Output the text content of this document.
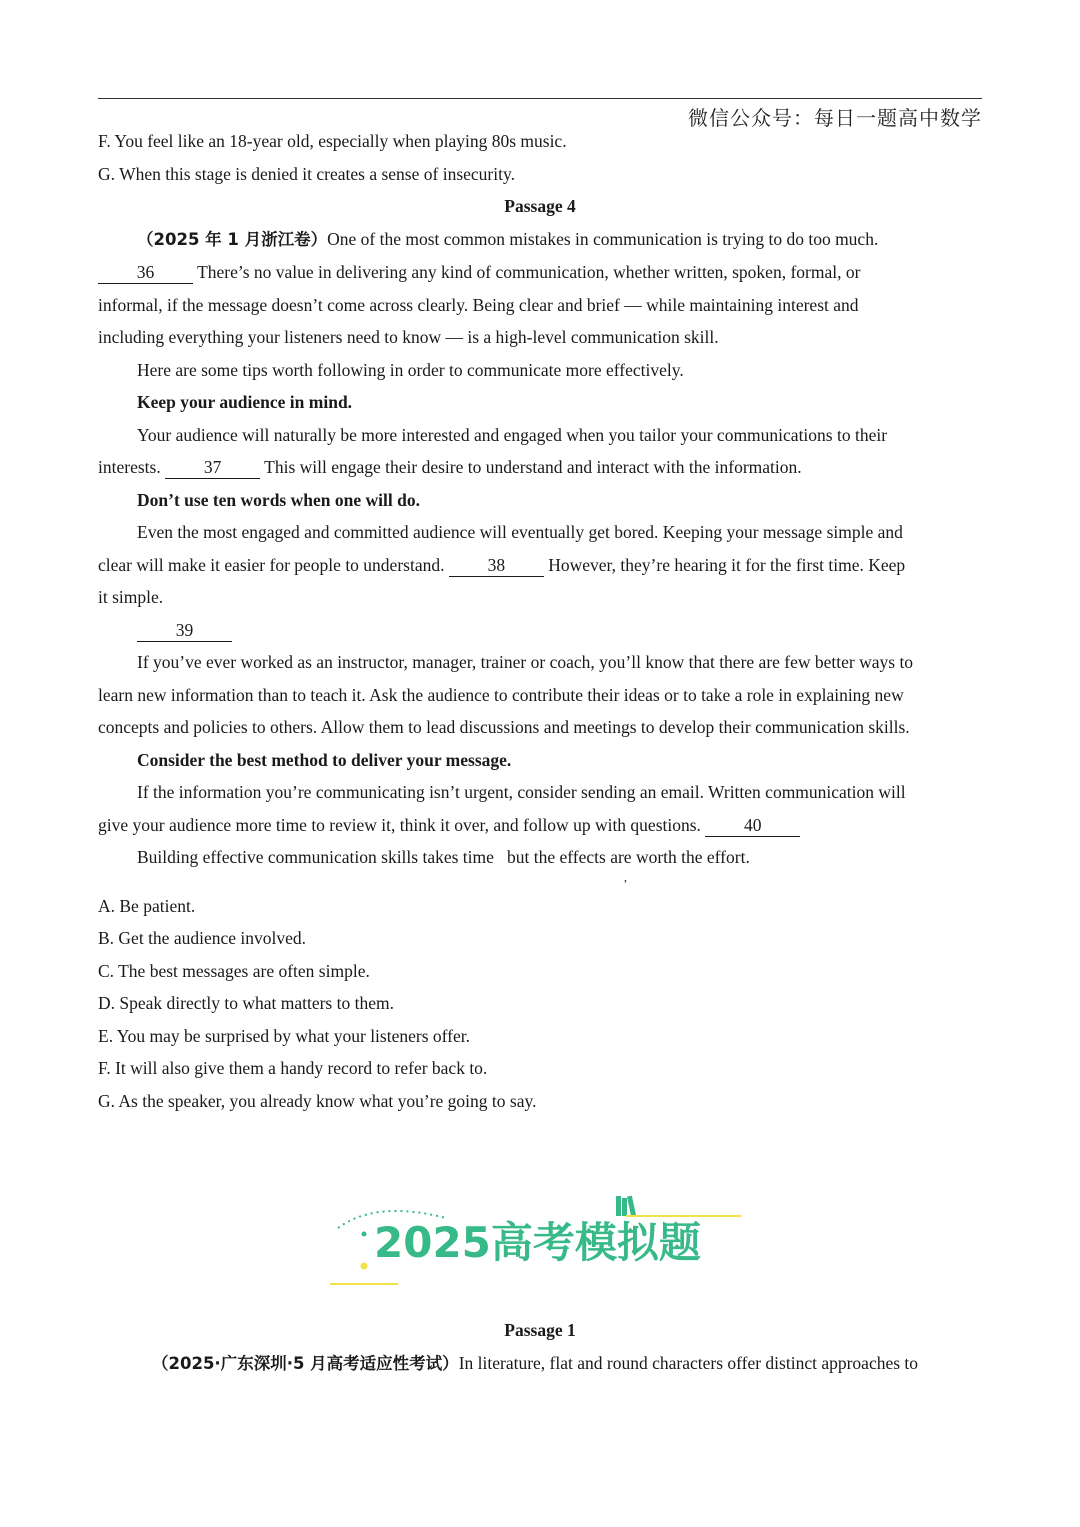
微信公众号：每日一题高中数学
F. You feel like an 18-year old, especially when playing 80s music.
G. When this stage is denied it creates a sense of insecurity.
Passage 4
（2025 年 1 月浙江卷）One of the most common mistakes in communication is trying to do too much.
36 There’s no value in delivering any kind of communication, whether written, spoken, formal, or
informal, if the message doesn’t come across clearly. Being clear and brief — while maintaining interest and
including everything your listeners need to know — is a high-level communication skill.
Here are some tips worth following in order to communicate more effectively.
Keep your audience in mind.
Your audience will naturally be more interested and engaged when you tailor your communications to their
interests. 37 This will engage their desire to understand and interact with the information.
Don’t use ten words when one will do.
Even the most engaged and committed audience will eventually get bored. Keeping your message simple and
clear will make it easier for people to understand. 38 However, they’re hearing it for the first time. Keep
it simple.
39
If you’ve ever worked as an instructor, manager, trainer or coach, you’ll know that there are few better ways to
learn new information than to teach it. Ask the audience to contribute their ideas or to take a role in explaining new
concepts and policies to others. Allow them to lead discussions and meetings to develop their communication skills.
Consider the best method to deliver your message.
If the information you’re communicating isn’t urgent, consider sending an email. Written communication will
give your audience more time to review it, think it over, and follow up with questions. 40
Building effective communication skills takes time but the effects are worth the effort.
,
A. Be patient.
B. Get the audience involved.
C. The best messages are often simple.
D. Speak directly to what matters to them.
E. You may be surprised by what your listeners offer.
F. It will also give them a handy record to refer back to.
G. As the speaker, you already know what you’re going to say.
2025高考模拟题
Passage 1
（2025·广东深圳·5 月高考适应性考试）In literature, flat and round characters offer distinct approaches to
